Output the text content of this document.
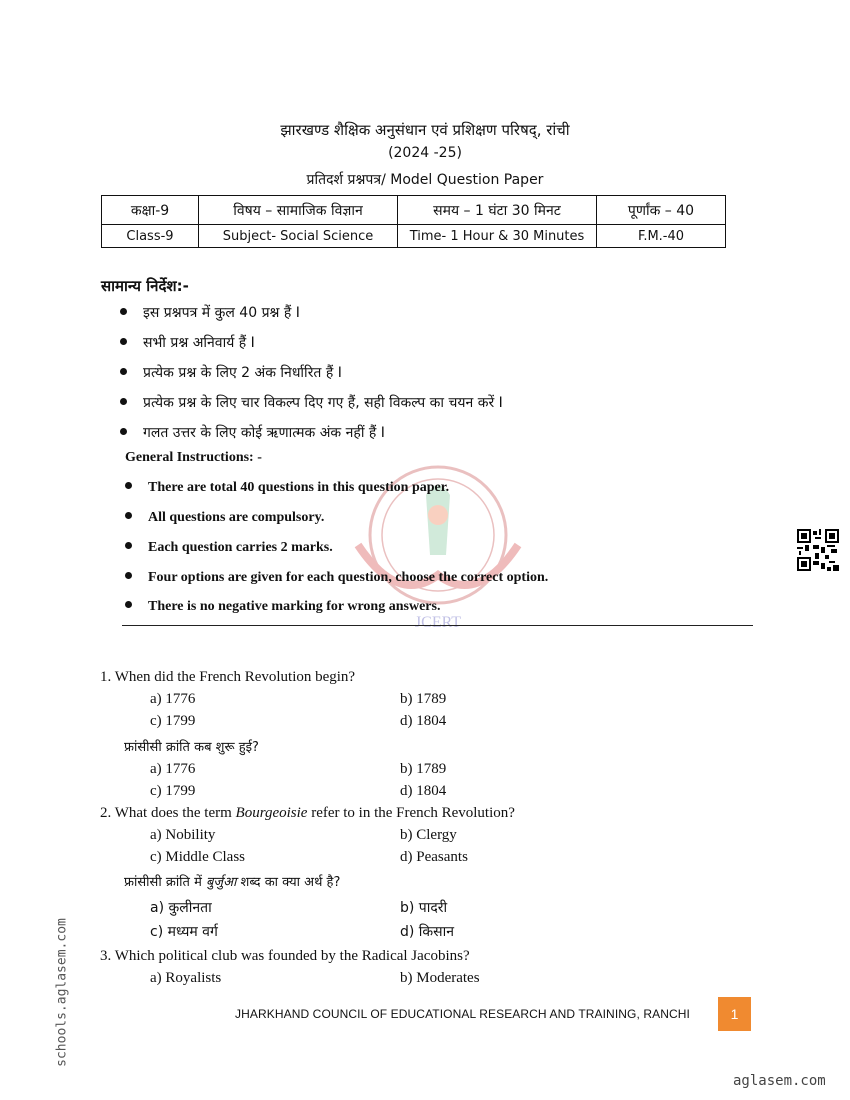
झारखण्ड शैक्षिक अनुसंधान एवं प्रशिक्षण परिषद्, रांची
(2024 -25)
प्रतिदर्श प्रश्नपत्र/ Model Question Paper
कक्षा-9	विषय – सामाजिक विज्ञान	समय – 1 घंटा 30 मिनट	पूर्णांक – 40
Class-9	Subject- Social Science	Time- 1 Hour & 30 Minutes	F.M.-40
JCERT
सामान्य निर्देश:-
इस प्रश्नपत्र में कुल 40 प्रश्न हैं I
सभी प्रश्न अनिवार्य हैं I
प्रत्येक प्रश्न के लिए 2 अंक निर्धारित हैं I
प्रत्येक प्रश्न के लिए चार विकल्प दिए गए हैं, सही विकल्प का चयन करें I
गलत उत्तर के लिए कोई ऋणात्मक अंक नहीं हैं I
General Instructions: -
There are total 40 questions in this question paper.
All questions are compulsory.
Each question carries 2 marks.
Four options are given for each question, choose the correct option.
There is no negative marking for wrong answers.
1. When did the French Revolution begin?
a) 1776	b) 1789
c) 1799	d) 1804
फ्रांसीसी क्रांति कब शुरू हुई?
a) 1776	b) 1789
c) 1799	d) 1804
2. What does the term Bourgeoisie refer to in the French Revolution?
a) Nobility	b) Clergy
c) Middle Class	d) Peasants
फ्रांसीसी क्रांति में बुर्जुआ शब्द का क्या अर्थ है?
a) कुलीनता	b) पादरी
c) मध्यम वर्ग	d) किसान
3. Which political club was founded by the Radical Jacobins?
a) Royalists	b) Moderates
JHARKHAND COUNCIL OF EDUCATIONAL RESEARCH AND TRAINING, RANCHI	1
schools.aglasem.com
aglasem.com
